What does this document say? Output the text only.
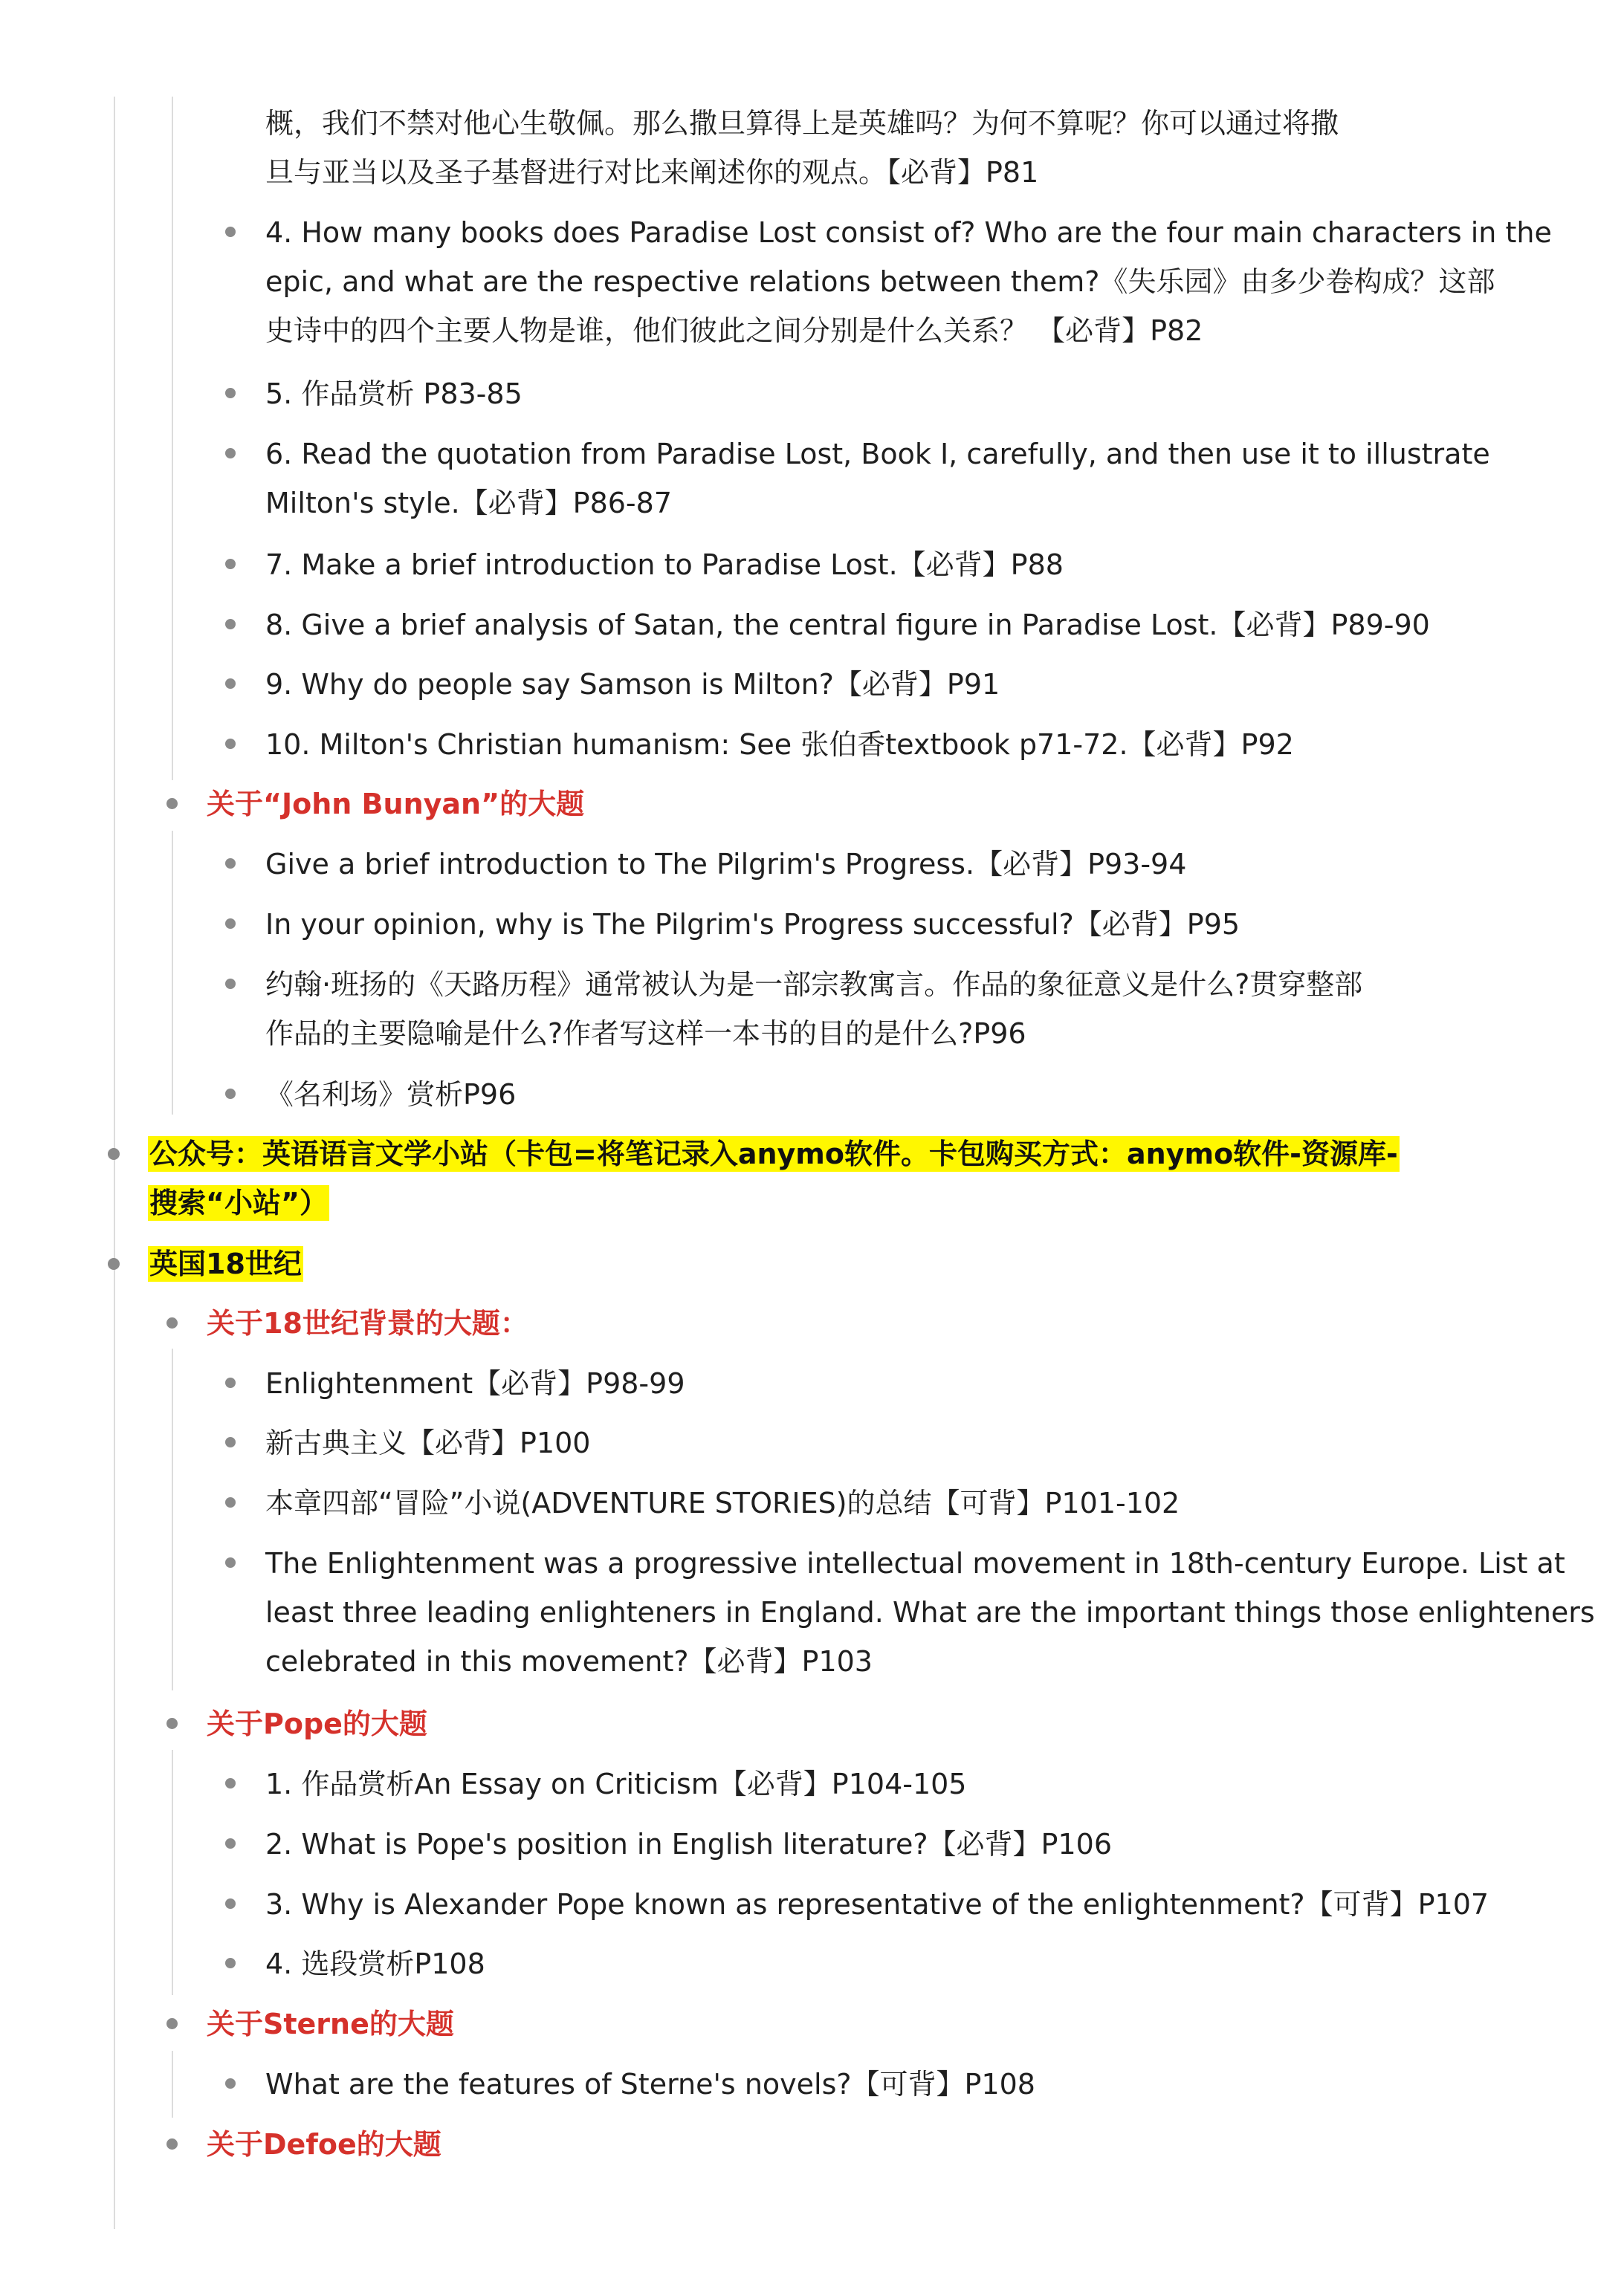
概，我们不禁对他心生敬佩。那么撒旦算得上是英雄吗？为何不算呢？你可以通过将撒
旦与亚当以及圣子基督进行对比来阐述你的观点。【必背】P81
4. How many books does Paradise Lost consist of? Who are the four main characters in the
epic, and what are the respective relations between them?《失乐园》由多少卷构成？这部
史诗中的四个主要人物是谁，他们彼此之间分别是什么关系？ 【必背】P82
5. 作品赏析 P83-85
6. Read the quotation from Paradise Lost, Book I, carefully, and then use it to illustrate
Milton's style.【必背】P86-87
7. Make a brief introduction to Paradise Lost.【必背】P88
8. Give a brief analysis of Satan, the central figure in Paradise Lost.【必背】P89-90
9. Why do people say Samson is Milton?【必背】P91
10. Milton's Christian humanism: See 张伯香textbook p71-72.【必背】P92
关于“John Bunyan”的大题
Give a brief introduction to The Pilgrim's Progress.【必背】P93-94
In your opinion, why is The Pilgrim's Progress successful?【必背】P95
约翰·班扬的《天路历程》通常被认为是一部宗教寓言。作品的象征意义是什么?贯穿整部
作品的主要隐喻是什么?作者写这样一本书的目的是什么?P96
《名利场》赏析P96
公众号：英语语言文学小站（卡包=将笔记录入anymo软件。卡包购买方式：anymo软件-资源库-
搜索“小站”）
英国18世纪
关于18世纪背景的大题：
Enlightenment【必背】P98-99
新古典主义【必背】P100
本章四部“冒险”小说(ADVENTURE STORIES)的总结【可背】P101-102
The Enlightenment was a progressive intellectual movement in 18th-century Europe. List at
least three leading enlighteners in England. What are the important things those enlighteners
celebrated in this movement?【必背】P103
关于Pope的大题
1. 作品赏析An Essay on Criticism【必背】P104-105
2. What is Pope's position in English literature?【必背】P106
3. Why is Alexander Pope known as representative of the enlightenment?【可背】P107
4. 选段赏析P108
关于Sterne的大题
What are the features of Sterne's novels?【可背】P108
关于Defoe的大题
